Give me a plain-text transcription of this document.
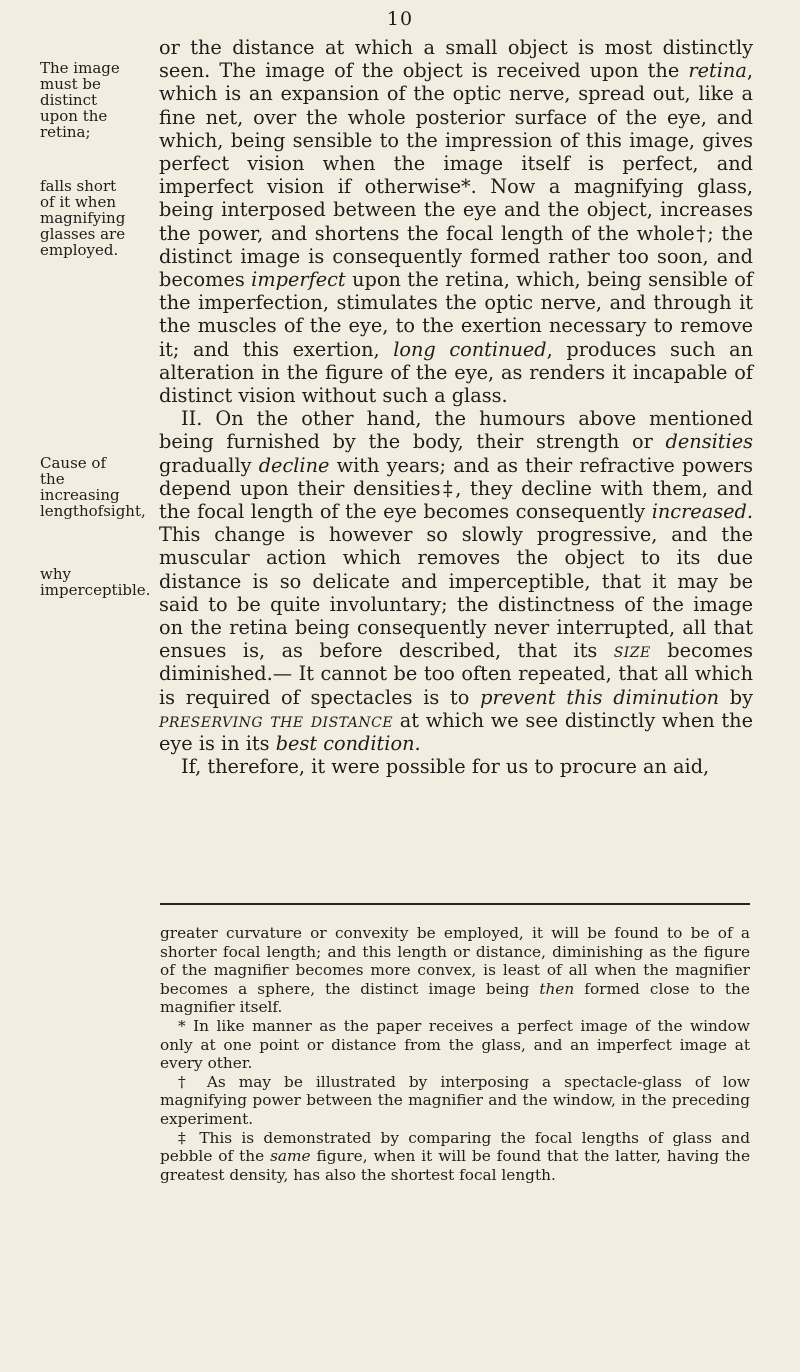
10
The image must be distinct upon the retina;
falls short of it when magnifying glasses are employed.
Cause of the increasing lengthofsight,
why imperceptible.

or the distance at which a small object is most distinctly seen. The image of the object is received upon the retina, which is an expansion of the optic nerve, spread out, like a fine net, over the whole posterior surface of the eye, and which, being sensible to the impression of this image, gives perfect vision when the image itself is perfect, and imperfect vision if otherwise*. Now a magnifying glass, being interposed between the eye and the object, increases the power, and shortens the focal length of the whole†; the distinct image is consequently formed rather too soon, and becomes imperfect upon the retina, which, being sensible of the imperfection, stimulates the optic nerve, and through it the muscles of the eye, to the exertion necessary to remove it; and this exertion, long continued, produces such an alteration in the figure of the eye, as renders it incapable of distinct vision without such a glass.

II. On the other hand, the humours above mentioned being furnished by the body, their strength or densities gradually decline with years; and as their refractive powers depend upon their densities‡, they decline with them, and the focal length of the eye becomes consequently increased. This change is however so slowly progressive, and the muscular action which removes the object to its due distance is so delicate and imperceptible, that it may be said to be quite involuntary; the distinctness of the image on the retina being consequently never interrupted, all that ensues is, as before described, that its size becomes diminished.— It cannot be too often repeated, that all which is required of spectacles is to prevent this diminution by preserving the distance at which we see distinctly when the eye is in its best condition.

If, therefore, it were possible for us to procure an aid,

greater curvature or convexity be employed, it will be found to be of a shorter focal length; and this length or distance, diminishing as the figure of the magnifier becomes more convex, is least of all when the magnifier becomes a sphere, the distinct image being then formed close to the magnifier itself.

* In like manner as the paper receives a perfect image of the window only at one point or distance from the glass, and an imperfect image at every other.

† As may be illustrated by interposing a spectacle-glass of low magnifying power between the magnifier and the window, in the preceding experiment.

‡ This is demonstrated by comparing the focal lengths of glass and pebble of the same figure, when it will be found that the latter, having the greatest density, has also the shortest focal length.
